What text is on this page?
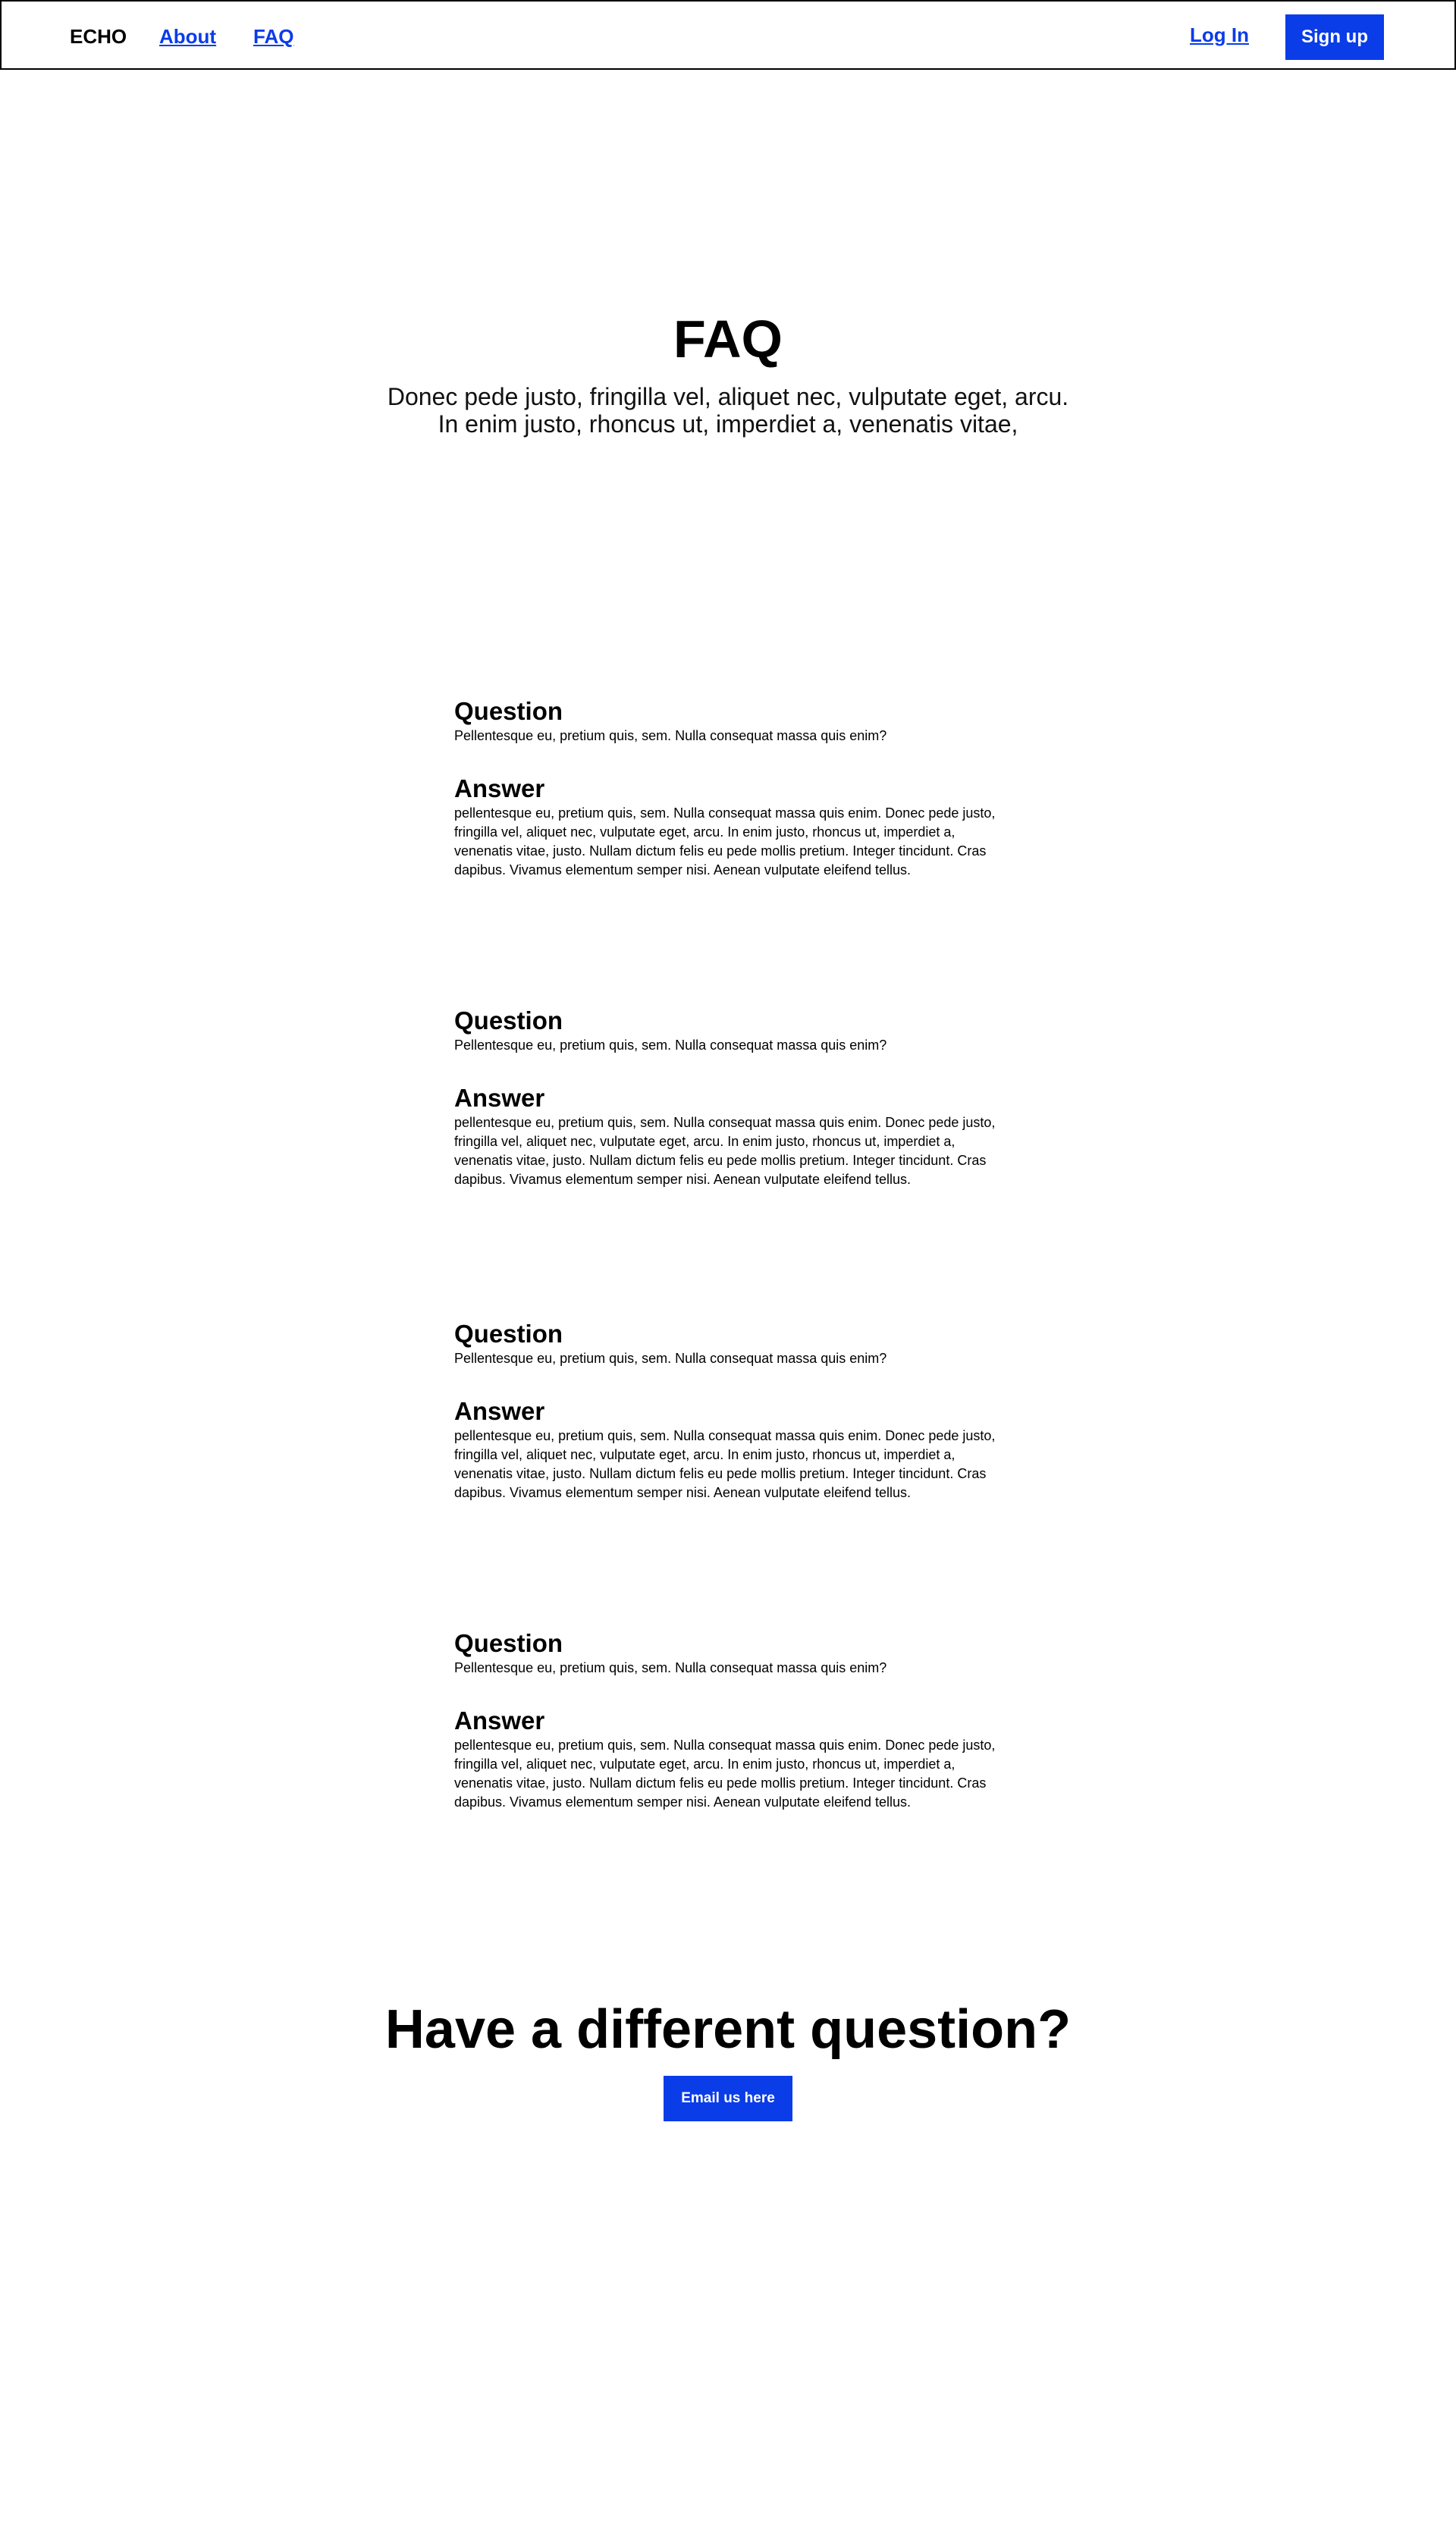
ECHO About FAQ	Log In	Sign up
FAQ
Donec pede justo, fringilla vel, aliquet nec, vulputate eget, arcu.
In enim justo, rhoncus ut, imperdiet a, venenatis vitae,
Question

Pellentesque eu, pretium quis, sem. Nulla consequat massa quis enim?

Answer

pellentesque eu, pretium quis, sem. Nulla consequat massa quis enim. Donec pede justo, fringilla vel, aliquet nec, vulputate eget, arcu. In enim justo, rhoncus ut, imperdiet a, venenatis vitae, justo. Nullam dictum felis eu pede mollis pretium. Integer tincidunt. Cras dapibus. Vivamus elementum semper nisi. Aenean vulputate eleifend tellus.

Question

Pellentesque eu, pretium quis, sem. Nulla consequat massa quis enim?

Answer

pellentesque eu, pretium quis, sem. Nulla consequat massa quis enim. Donec pede justo, fringilla vel, aliquet nec, vulputate eget, arcu. In enim justo, rhoncus ut, imperdiet a, venenatis vitae, justo. Nullam dictum felis eu pede mollis pretium. Integer tincidunt. Cras dapibus. Vivamus elementum semper nisi. Aenean vulputate eleifend tellus.

Question

Pellentesque eu, pretium quis, sem. Nulla consequat massa quis enim?

Answer

pellentesque eu, pretium quis, sem. Nulla consequat massa quis enim. Donec pede justo, fringilla vel, aliquet nec, vulputate eget, arcu. In enim justo, rhoncus ut, imperdiet a, venenatis vitae, justo. Nullam dictum felis eu pede mollis pretium. Integer tincidunt. Cras dapibus. Vivamus elementum semper nisi. Aenean vulputate eleifend tellus.

Question

Pellentesque eu, pretium quis, sem. Nulla consequat massa quis enim?

Answer

pellentesque eu, pretium quis, sem. Nulla consequat massa quis enim. Donec pede justo, fringilla vel, aliquet nec, vulputate eget, arcu. In enim justo, rhoncus ut, imperdiet a, venenatis vitae, justo. Nullam dictum felis eu pede mollis pretium. Integer tincidunt. Cras dapibus. Vivamus elementum semper nisi. Aenean vulputate eleifend tellus.

Have a different question?
Email us here
